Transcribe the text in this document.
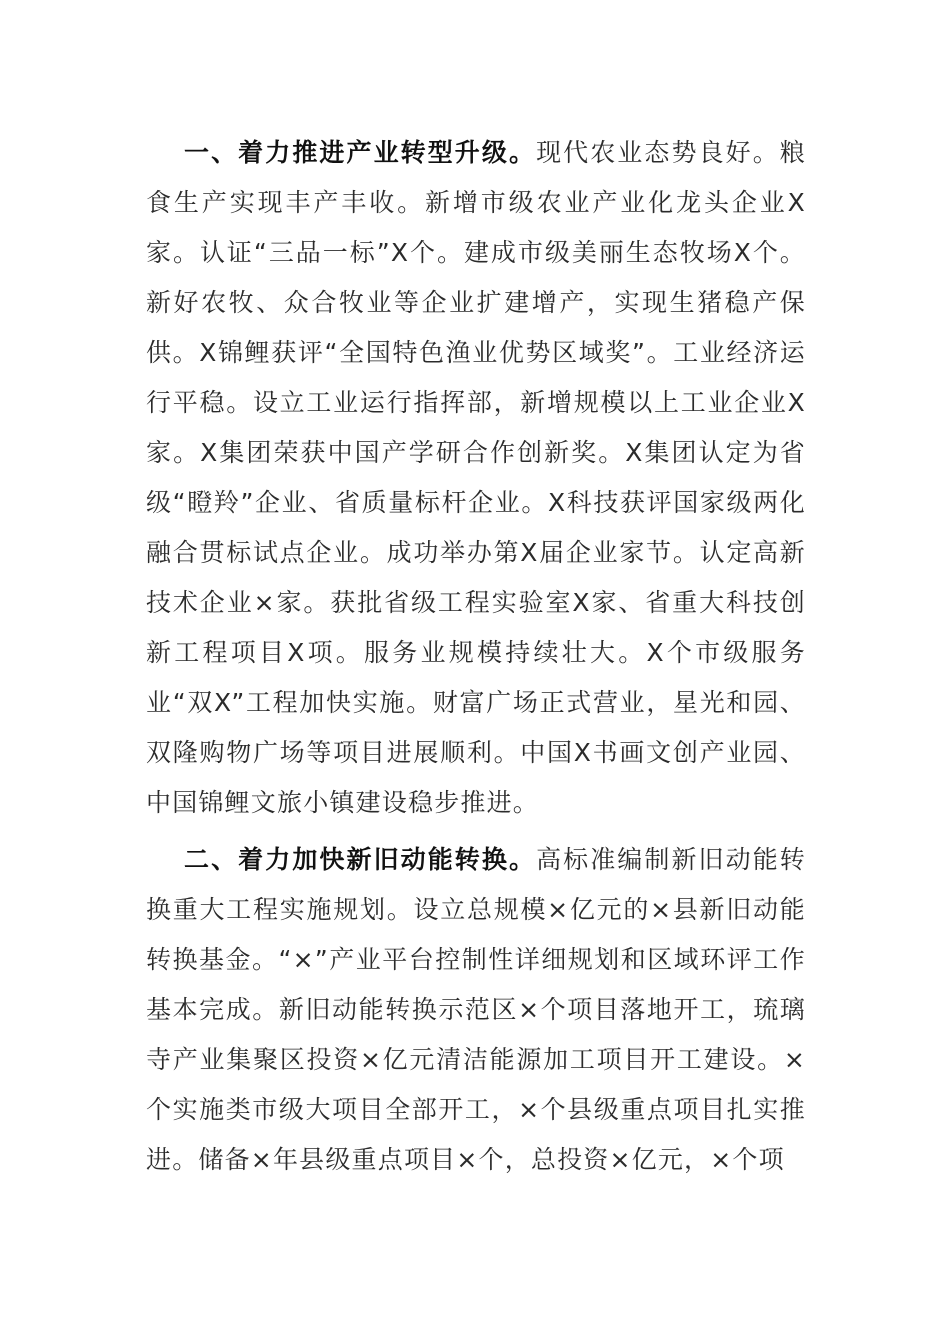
一、着力推进产业转型升级。现代农业态势良好。粮食生产实现丰产丰收。新增市级农业产业化龙头企业X家。认证“三品一标”X个。建成市级美丽生态牧场X个。新好农牧、众合牧业等企业扩建增产，实现生猪稳产保供。X锦鲤获评“全国特色渔业优势区域奖”。工业经济运行平稳。设立工业运行指挥部，新增规模以上工业企业X家。X集团荣获中国产学研合作创新奖。X集团认定为省级“瞪羚”企业、省质量标杆企业。X科技获评国家级两化融合贯标试点企业。成功举办第X届企业家节。认定高新技术企业×家。获批省级工程实验室X家、省重大科技创新工程项目X项。服务业规模持续壮大。X个市级服务业“双X”工程加快实施。财富广场正式营业，星光和园、双隆购物广场等项目进展顺利。中国X书画文创产业园、中国锦鲤文旅小镇建设稳步推进。

二、着力加快新旧动能转换。高标准编制新旧动能转换重大工程实施规划。设立总规模×亿元的×县新旧动能转换基金。“×”产业平台控制性详细规划和区域环评工作基本完成。新旧动能转换示范区×个项目落地开工，琉璃寺产业集聚区投资×亿元清洁能源加工项目开工建设。×个实施类市级大项目全部开工，×个县级重点项目扎实推进。储备×年县级重点项目×个，总投资×亿元，×个项
